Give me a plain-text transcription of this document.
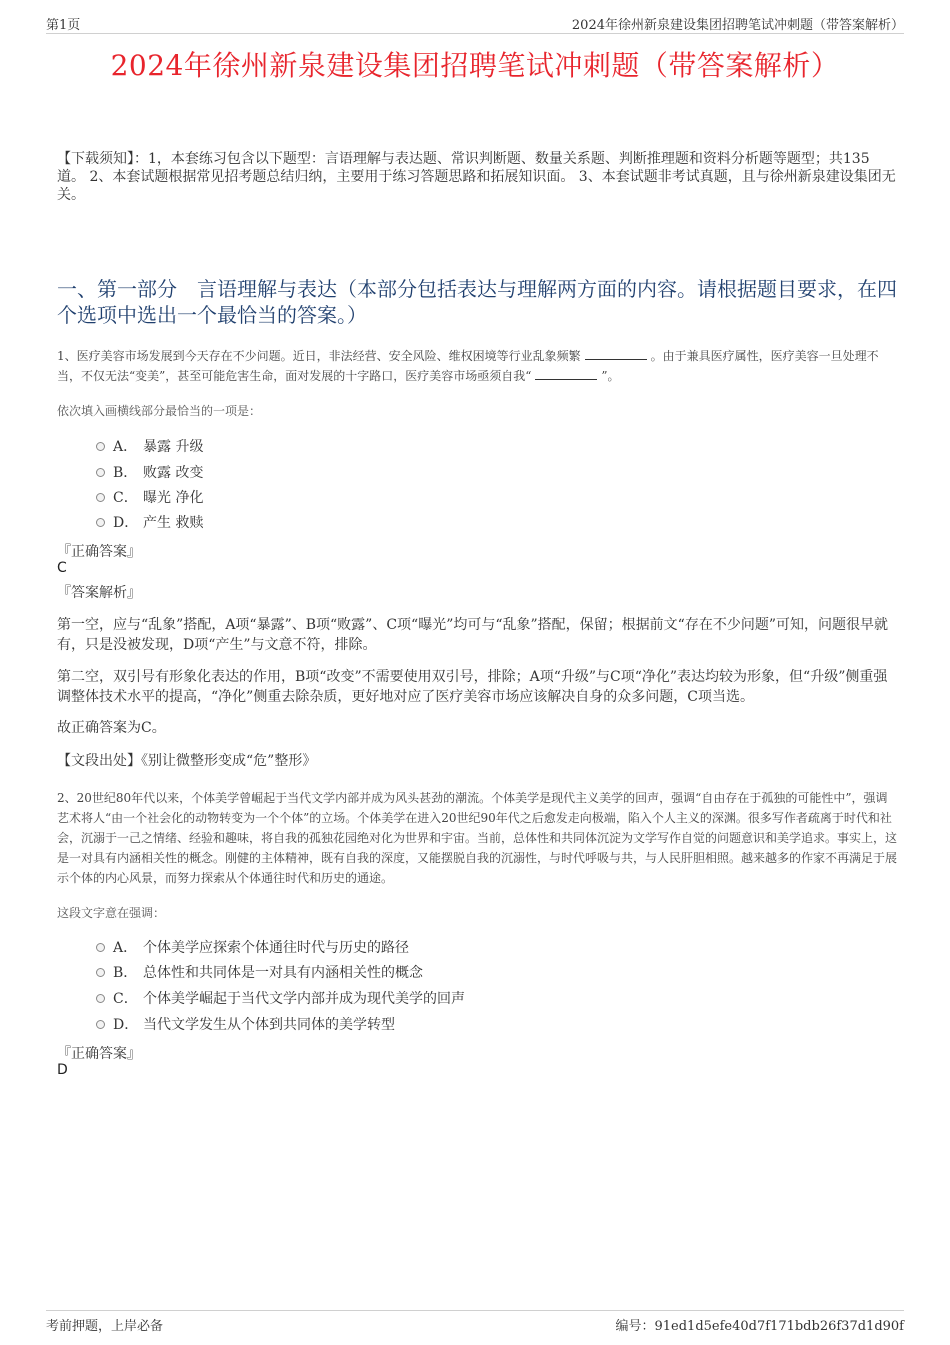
第1页	2024年徐州新泉建设集团招聘笔试冲刺题（带答案解析）
2024年徐州新泉建设集团招聘笔试冲刺题（带答案解析）
【下载须知】：1，本套练习包含以下题型：言语理解与表达题、常识判断题、数量关系题、判断推理题和资料分析题等题型；共135道。 2、本套试题根据常见招考题总结归纳，主要用于练习答题思路和拓展知识面。 3、本套试题非考试真题，且与徐州新泉建设集团无关。
一、第一部分　言语理解与表达（本部分包括表达与理解两方面的内容。请根据题目要求，在四个选项中选出一个最恰当的答案。）
1、医疗美容市场发展到今天存在不少问题。近日，非法经营、安全风险、维权困境等行业乱象频繁	。由于兼具医疗属性，医疗美容一旦处理不当，不仅无法“变美”，甚至可能危害生命，面对发展的十字路口，医疗美容市场亟须自我“	”。
依次填入画横线部分最恰当的一项是：
A． 暴露 升级
B． 败露 改变
C． 曝光 净化
D． 产生 救赎
『正确答案』
C
『答案解析』
第一空，应与“乱象”搭配，A项“暴露”、B项“败露”、C项“曝光”均可与“乱象”搭配，保留；根据前文“存在不少问题”可知，问题很早就有，只是没被发现，D项“产生”与文意不符，排除。
第二空，双引号有形象化表达的作用，B项“改变”不需要使用双引号，排除；A项“升级”与C项“净化”表达均较为形象，但“升级”侧重强调整体技术水平的提高，“净化”侧重去除杂质，更好地对应了医疗美容市场应该解决自身的众多问题，C项当选。
故正确答案为C。
【文段出处】《别让微整形变成“危”整形》
2、20世纪80年代以来，个体美学曾崛起于当代文学内部并成为风头甚劲的潮流。个体美学是现代主义美学的回声，强调“自由存在于孤独的可能性中”，强调艺术将人“由一个社会化的动物转变为一个个体”的立场。个体美学在进入20世纪90年代之后愈发走向极端，陷入个人主义的深渊。很多写作者疏离于时代和社会，沉溺于一己之情绪、经验和趣味，将自我的孤独花园绝对化为世界和宇宙。当前，总体性和共同体沉淀为文学写作自觉的问题意识和美学追求。事实上，这是一对具有内涵相关性的概念。刚健的主体精神，既有自我的深度，又能摆脱自我的沉溺性，与时代呼吸与共，与人民肝胆相照。越来越多的作家不再满足于展示个体的内心风景，而努力探索从个体通往时代和历史的通途。
这段文字意在强调：
A． 个体美学应探索个体通往时代与历史的路径
B． 总体性和共同体是一对具有内涵相关性的概念
C． 个体美学崛起于当代文学内部并成为现代美学的回声
D． 当代文学发生从个体到共同体的美学转型
『正确答案』
D
考前押题，上岸必备	编号：91ed1d5efe40d7f171bdb26f37d1d90f
